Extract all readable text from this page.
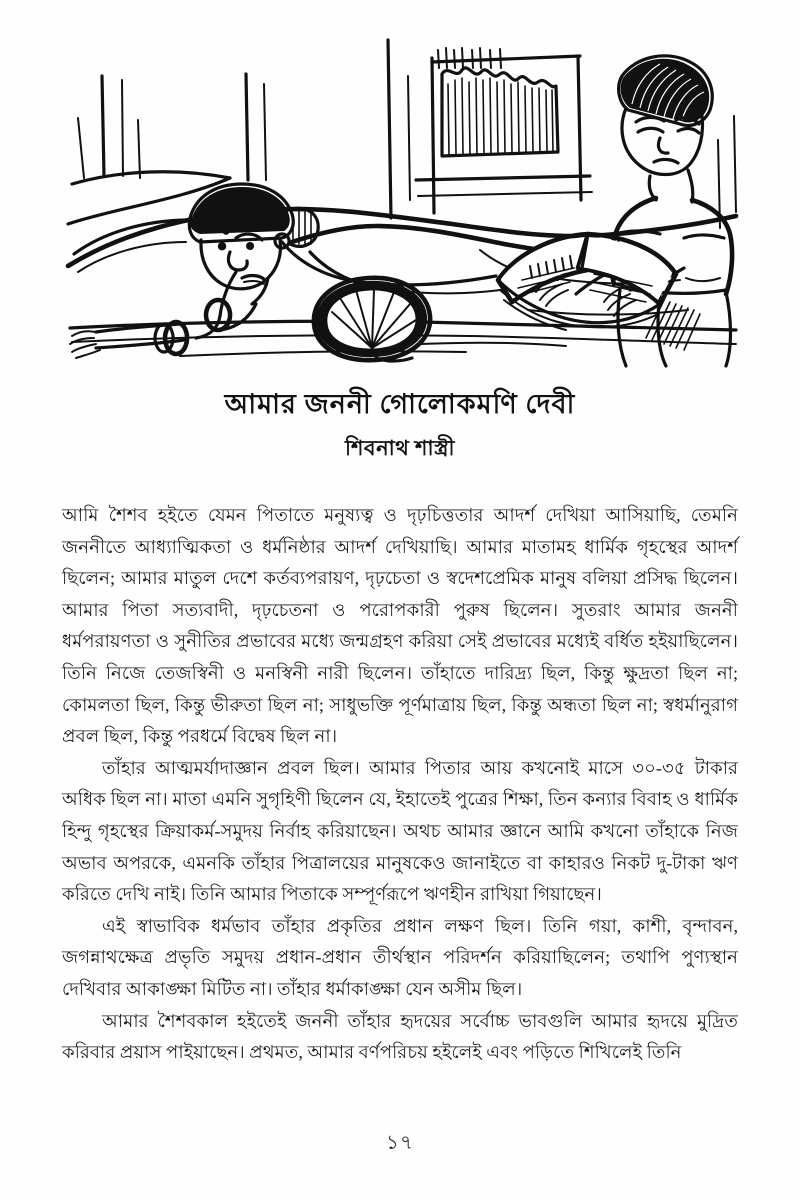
আমার জননী গোলোকমণি দেবী
শিবনাথ শাস্ত্রী

আমি শৈশব হইতে যেমন পিতাতে মনুষ্যত্ব ও দৃঢ়চিত্ততার আদর্শ দেখিয়া আসিয়াছি, তেমনি জননীতে আধ্যাত্মিকতা ও ধর্মনিষ্ঠার আদর্শ দেখিয়াছি। আমার মাতামহ ধার্মিক গৃহস্থের আদর্শ ছিলেন; আমার মাতুল দেশে কর্তব্যপরায়ণ, দৃঢ়চেতা ও স্বদেশপ্রেমিক মানুষ বলিয়া প্রসিদ্ধ ছিলেন। আমার পিতা সত্যবাদী, দৃঢ়চেতনা ও পরোপকারী পুরুষ ছিলেন। সুতরাং আমার জননী ধর্মপরায়ণতা ও সুনীতির প্রভাবের মধ্যে জন্মগ্রহণ করিয়া সেই প্রভাবের মধ্যেই বর্ধিত হইয়াছিলেন। তিনি নিজে তেজস্বিনী ও মনস্বিনী নারী ছিলেন। তাঁহাতে দারিদ্র্য ছিল, কিন্তু ক্ষুদ্রতা ছিল না; কোমলতা ছিল, কিন্তু ভীরুতা ছিল না; সাধুভক্তি পূর্ণমাত্রায় ছিল, কিন্তু অন্ধতা ছিল না; স্বধর্মানুরাগ প্রবল ছিল, কিন্তু পরধর্মে বিদ্বেষ ছিল না।

তাঁহার আত্মমর্যাদাজ্ঞান প্রবল ছিল। আমার পিতার আয় কখনোই মাসে ৩০-৩৫ টাকার অধিক ছিল না। মাতা এমনি সুগৃহিণী ছিলেন যে, ইহাতেই পুত্রের শিক্ষা, তিন কন্যার বিবাহ ও ধার্মিক হিন্দু গৃহস্থের ক্রিয়াকর্ম-সমুদয় নির্বাহ করিয়াছেন। অথচ আমার জ্ঞানে আমি কখনো তাঁহাকে নিজ অভাব অপরকে, এমনকি তাঁহার পিত্রালয়ের মানুষকেও জানাইতে বা কাহারও নিকট দু-টাকা ঋণ করিতে দেখি নাই। তিনি আমার পিতাকে সম্পূর্ণরূপে ঋণহীন রাখিয়া গিয়াছেন।

এই স্বাভাবিক ধর্মভাব তাঁহার প্রকৃতির প্রধান লক্ষণ ছিল। তিনি গয়া, কাশী, বৃন্দাবন, জগন্নাথক্ষেত্র প্রভৃতি সমুদয় প্রধান-প্রধান তীর্থস্থান পরিদর্শন করিয়াছিলেন; তথাপি পুণ্যস্থান দেখিবার আকাঙ্ক্ষা মিটিত না। তাঁহার ধর্মাকাঙ্ক্ষা যেন অসীম ছিল।

আমার শৈশবকাল হইতেই জননী তাঁহার হৃদয়ের সর্বোচ্চ ভাবগুলি আমার হৃদয়ে মুদ্রিত করিবার প্রয়াস পাইয়াছেন। প্রথমত, আমার বর্ণপরিচয় হইলেই এবং পড়িতে শিখিলেই তিনি

১৭
